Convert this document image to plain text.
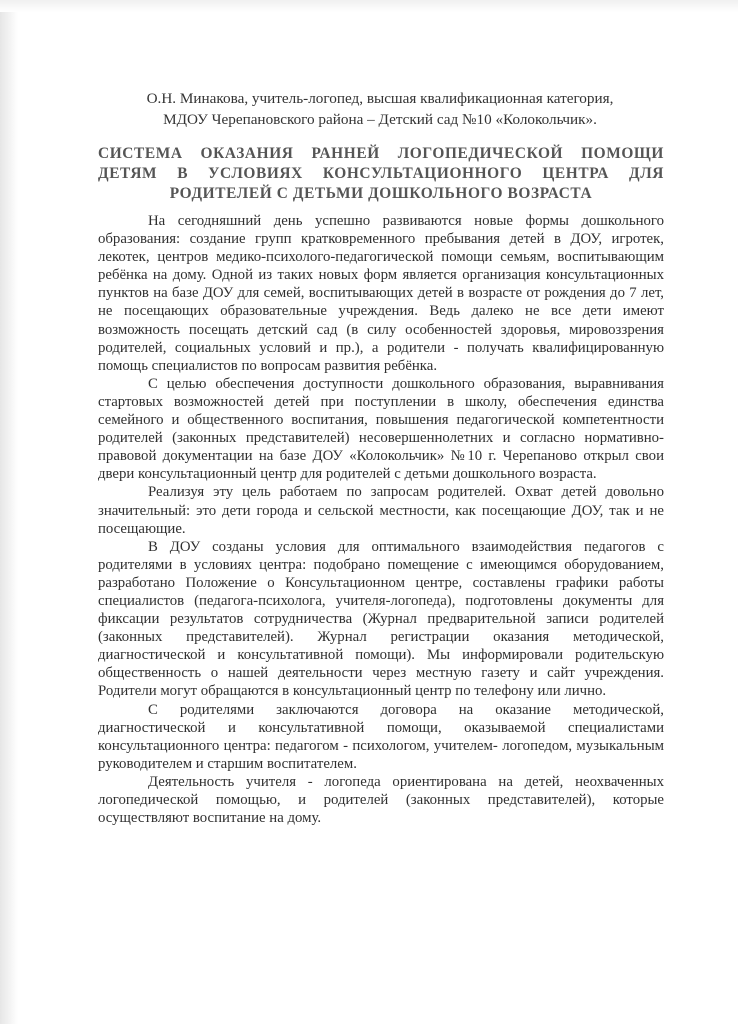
О.Н. Минакова, учитель-логопед, высшая квалификационная категория,
МДОУ Черепановского района – Детский сад №10 «Колокольчик».

СИСТЕМА ОКАЗАНИЯ РАННЕЙ ЛОГОПЕДИЧЕСКОЙ ПОМОЩИ ДЕТЯМ В УСЛОВИЯХ КОНСУЛЬТАЦИОННОГО ЦЕНТРА ДЛЯ РОДИТЕЛЕЙ С ДЕТЬМИ ДОШКОЛЬНОГО ВОЗРАСТА

На сегодняшний день успешно развиваются новые формы дошкольного образования: создание групп кратковременного пребывания детей в ДОУ, игротек, лекотек, центров медико-психолого-педагогической помощи семьям, воспитывающим ребёнка на дому. Одной из таких новых форм является организация консультационных пунктов на базе ДОУ для семей, воспитывающих детей в возрасте от рождения до 7 лет, не посещающих образовательные учреждения. Ведь далеко не все дети имеют возможность посещать детский сад (в силу особенностей здоровья, мировоззрения родителей, социальных условий и пр.), а родители - получать квалифицированную помощь специалистов по вопросам развития ребёнка.

С целью обеспечения доступности дошкольного образования, выравнивания стартовых возможностей детей при поступлении в школу, обеспечения единства семейного и общественного воспитания, повышения педагогической компетентности родителей (законных представителей) несовершеннолетних и согласно нормативно-правовой документации на базе ДОУ «Колокольчик» №10 г. Черепаново открыл свои двери консультационный центр для родителей с детьми дошкольного возраста.

Реализуя эту цель работаем по запросам родителей. Охват детей довольно значительный: это дети города и сельской местности, как посещающие ДОУ, так и не посещающие.

В ДОУ созданы условия для оптимального взаимодействия педагогов с родителями в условиях центра: подобрано помещение с имеющимся оборудованием, разработано Положение о Консультационном центре, составлены графики работы специалистов (педагога-психолога, учителя-логопеда), подготовлены документы для фиксации результатов сотрудничества (Журнал предварительной записи родителей (законных представителей). Журнал регистрации оказания методической, диагностической и консультативной помощи). Мы информировали родительскую общественность о нашей деятельности через местную газету и сайт учреждения. Родители могут обращаются в консультационный центр по телефону или лично.

С родителями заключаются договора на оказание методической, диагностической и консультативной помощи, оказываемой специалистами консультационного центра: педагогом - психологом, учителем- логопедом, музыкальным руководителем и старшим воспитателем.

Деятельность учителя - логопеда ориентирована на детей, неохваченных логопедической помощью, и родителей (законных представителей), которые осуществляют воспитание на дому.
